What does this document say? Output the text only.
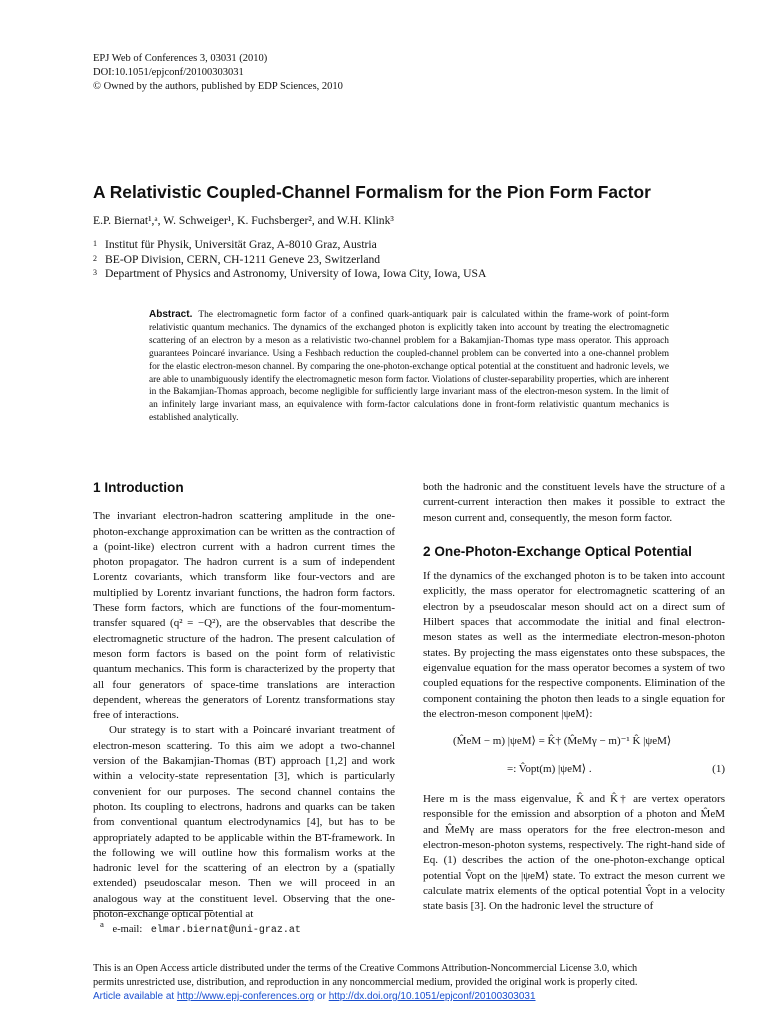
EPJ Web of Conferences 3, 03031 (2010)
DOI:10.1051/epjconf/20100303031
© Owned by the authors, published by EDP Sciences, 2010
A Relativistic Coupled-Channel Formalism for the Pion Form Factor
E.P. Biernat¹,ᵃ, W. Schweiger¹, K. Fuchsberger², and W.H. Klink³
1 Institut für Physik, Universität Graz, A-8010 Graz, Austria
2 BE-OP Division, CERN, CH-1211 Geneve 23, Switzerland
3 Department of Physics and Astronomy, University of Iowa, Iowa City, Iowa, USA
Abstract. The electromagnetic form factor of a confined quark-antiquark pair is calculated within the frame-work of point-form relativistic quantum mechanics. The dynamics of the exchanged photon is explicitly taken into account by treating the electromagnetic scattering of an electron by a meson as a relativistic two-channel problem for a Bakamjian-Thomas type mass operator. This approach guarantees Poincaré invariance. Using a Feshbach reduction the coupled-channel problem can be converted into a one-channel problem for the elastic electron-meson channel. By comparing the one-photon-exchange optical potential at the constituent and hadronic levels, we are able to unambiguously identify the electromagnetic meson form factor. Violations of cluster-separability properties, which are inherent in the Bakamjian-Thomas approach, become negligible for sufficiently large invariant mass of the electron-meson system. In the limit of an infinitely large invariant mass, an equivalence with form-factor calculations done in front-form relativistic quantum mechanics is established analytically.
1 Introduction

The invariant electron-hadron scattering amplitude in the one-photon-exchange approximation can be written as the contraction of a (point-like) electron current with a hadron current times the photon propagator. The hadron current is a sum of independent Lorentz covariants, which transform like four-vectors and are multiplied by Lorentz invariant functions, the hadron form factors. These form factors, which are functions of the four-momentum-transfer squared (q² = −Q²), are the observables that describe the electromagnetic structure of the hadron. The present calculation of meson form factors is based on the point form of relativistic quantum mechanics. This form is characterized by the property that all four generators of space-time translations are interaction dependent, whereas the generators of Lorentz transformations stay free of interactions.

Our strategy is to start with a Poincaré invariant treatment of electron-meson scattering. To this aim we adopt a two-channel version of the Bakamjian-Thomas (BT) approach [1,2] and work within a velocity-state representation [3], which is particularly convenient for our purposes. The second channel contains the photon. Its coupling to electrons, hadrons and quarks can be taken from conventional quantum electrodynamics [4], but has to be appropriately adapted to be applicable within the BT-framework. In the following we will outline how this formalism works at the hadronic level for the scattering of an electron by a (spatially extended) pseudoscalar meson. Then we will proceed in an analogous way at the constituent level. Observing that the one-photon-exchange optical potential at

both the hadronic and the constituent levels have the structure of a current-current interaction then makes it possible to extract the meson current and, consequently, the meson form factor.

2 One-Photon-Exchange Optical Potential

If the dynamics of the exchanged photon is to be taken into account explicitly, the mass operator for electromagnetic scattering of an electron by a pseudoscalar meson should act on a direct sum of Hilbert spaces that accommodate the initial and final electron-meson states as well as the intermediate electron-meson-photon states. By projecting the mass eigenstates onto these subspaces, the eigenvalue equation for the mass operator becomes a system of two coupled equations for the respective components. Elimination of the component containing the photon then leads to a single equation for the electron-meson component |ψeM⟩:

(M̂eM − m) |ψeM⟩ = K̂† (M̂eMγ − m)⁻¹ K̂ |ψeM⟩
=: V̂opt(m) |ψeM⟩ .	(1)

Here m is the mass eigenvalue, K̂ and K̂† are vertex operators responsible for the emission and absorption of a photon and M̂eM and M̂eMγ are mass operators for the free electron-meson and electron-meson-photon systems, respectively. The right-hand side of Eq. (1) describes the action of the one-photon-exchange optical potential V̂opt on the |ψeM⟩ state. To extract the meson current we calculate matrix elements of the optical potential V̂opt in a velocity state basis [3]. On the hadronic level the structure of

$^a$ e-mail: elmar.biernat@uni-graz.at
This is an Open Access article distributed under the terms of the Creative Commons Attribution-Noncommercial License 3.0, which
permits unrestricted use, distribution, and reproduction in any noncommercial medium, provided the original work is properly cited.
Article available at http://www.epj-conferences.org or http://dx.doi.org/10.1051/epjconf/20100303031
